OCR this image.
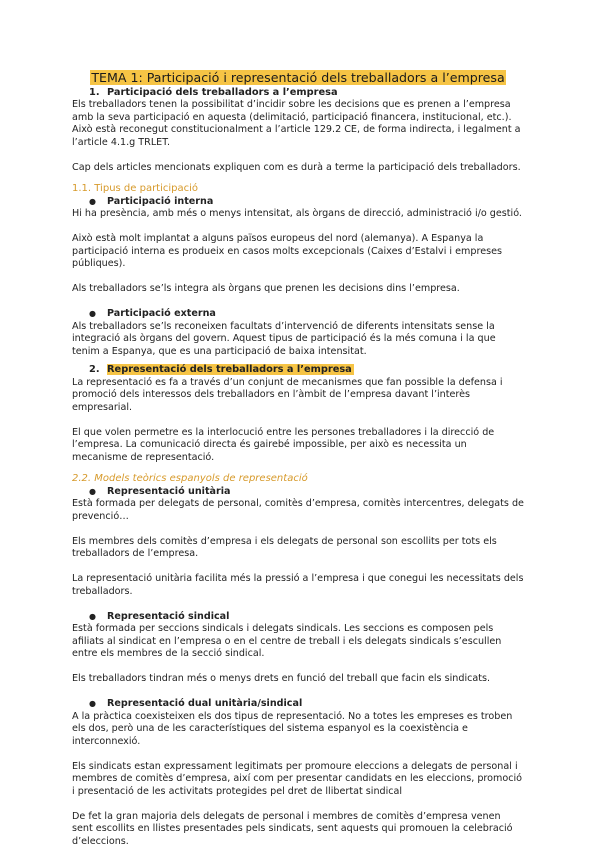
TEMA 1: Participació i representació dels treballadors a l’empresa
1. Participació dels treballadors a l’empresa

Els treballadors tenen la possibilitat d’incidir sobre les decisions que es prenen a l’empresa amb la seva participació en aquesta (delimitació, participació financera, institucional, etc.). Això està reconegut constitucionalment a l’article 129.2 CE, de forma indirecta, i legalment a l’article 4.1.g TRLET.

Cap dels articles mencionats expliquen com es durà a terme la participació dels treballadors.

1.1. Tipus de participació
● Participació interna

Hi ha presència, amb més o menys intensitat, als òrgans de direcció, administració i/o gestió.

Això està molt implantat a alguns països europeus del nord (alemanya). A Espanya la participació interna es produeix en casos molts excepcionals (Caixes d’Estalvi i empreses públiques).

Als treballadors se’ls integra als òrgans que prenen les decisions dins l’empresa.

● Participació externa

Als treballadors se’ls reconeixen facultats d’intervenció de diferents intensitats sense la integració als òrgans del govern. Aquest tipus de participació és la més comuna i la que tenim a Espanya, que es una participació de baixa intensitat.

2. Representació dels treballadors a l’empresa

La representació es fa a través d’un conjunt de mecanismes que fan possible la defensa i promoció dels interessos dels treballadors en l’àmbit de l’empresa davant l’interès empresarial.

El que volen permetre es la interlocució entre les persones treballadores i la direcció de l’empresa. La comunicació directa és gairebé impossible, per això es necessita un mecanisme de representació.

2.2. Models teòrics espanyols de representació
● Representació unitària

Està formada per delegats de personal, comitès d’empresa, comitès intercentres, delegats de prevenció…

Els membres dels comitès d’empresa i els delegats de personal son escollits per tots els treballadors de l’empresa.

La representació unitària facilita més la pressió a l’empresa i que conegui les necessitats dels treballadors.

● Representació sindical

Està formada per seccions sindicals i delegats sindicals. Les seccions es composen pels afiliats al sindicat en l’empresa o en el centre de treball i els delegats sindicals s’escullen entre els membres de la secció sindical.

Els treballadors tindran més o menys drets en funció del treball que facin els sindicats.

● Representació dual unitària/sindical

A la pràctica coexisteixen els dos tipus de representació. No a totes les empreses es troben els dos, però una de les característiques del sistema espanyol es la coexistència e interconnexió.

Els sindicats estan expressament legitimats per promoure eleccions a delegats de personal i membres de comitès d’empresa, així com per presentar candidats en les eleccions, promoció i presentació de les activitats protegides pel dret de llibertat sindical

De fet la gran majoria dels delegats de personal i membres de comitès d’empresa venen sent escollits en llistes presentades pels sindicats, sent aquests qui promouen la celebració d’eleccions.
